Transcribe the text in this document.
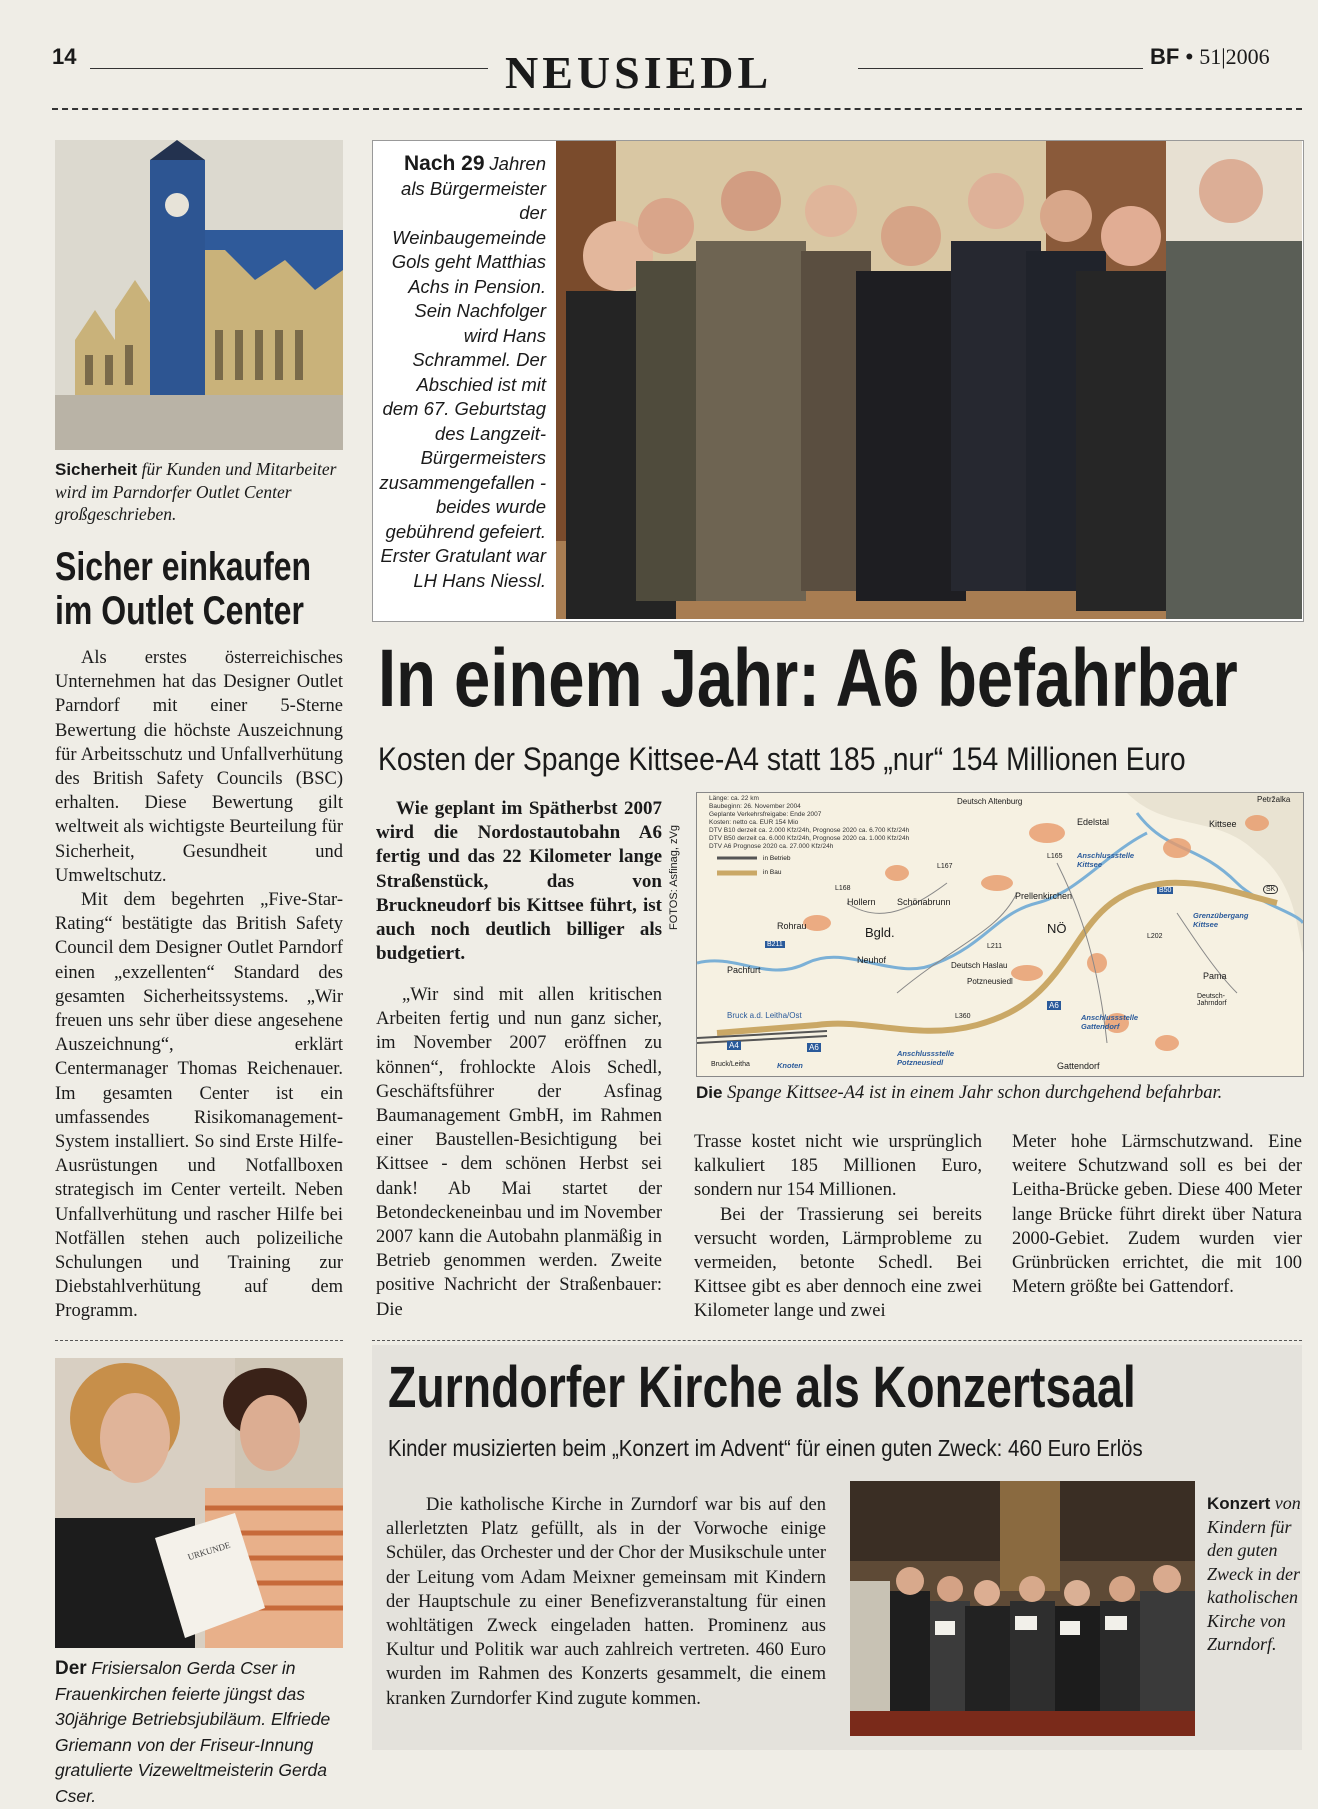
14	NEUSIEDL	BF • 51|2006
Sicherheit für Kunden und Mitarbeiter wird im Parndorfer Outlet Center großgeschrieben.
Sicher einkaufen
im Outlet Center

Als erstes österreichisches Unternehmen hat das Designer Outlet Parndorf mit einer 5-Sterne Bewertung die höchste Auszeichnung für Arbeitsschutz und Unfallverhütung des British Safety Councils (BSC) erhalten. Diese Bewertung gilt weltweit als wichtigste Beurteilung für Sicherheit, Gesundheit und Umweltschutz.

Mit dem begehrten „Five-Star-Rating“ bestätigte das British Safety Council dem Designer Outlet Parndorf einen „exzellenten“ Standard des gesamten Sicherheitssystems. „Wir freuen uns sehr über diese angesehene Auszeichnung“, erklärt Centermanager Thomas Reichenauer. Im gesamten Center ist ein umfassendes Risikomanagement-System installiert. So sind Erste Hilfe-Ausrüstungen und Notfallboxen strategisch im Center verteilt. Neben Unfallverhütung und rascher Hilfe bei Notfällen stehen auch polizeiliche Schulungen und Training zur Diebstahlverhütung auf dem Programm.

Nach 29 Jahren als Bürgermeister der Weinbaugemeinde Gols geht Matthias Achs in Pension. Sein Nachfolger wird Hans Schrammel. Der Abschied ist mit dem 67. Geburtstag des Langzeit-Bürgermeisters zusammengefallen - beides wurde gebührend gefeiert. Erster Gratulant war LH Hans Niessl.
In einem Jahr: A6 befahrbar
Kosten der Spange Kittsee-A4 statt 185 „nur“ 154 Millionen Euro
Wie geplant im Spätherbst 2007 wird die Nordostautobahn A6 fertig und das 22 Kilometer lange Straßenstück, das von Bruckneudorf bis Kittsee führt, ist auch noch deutlich billiger als budgetiert.

„Wir sind mit allen kritischen Arbeiten fertig und nun ganz sicher, im November 2007 eröffnen zu können“, frohlockte Alois Schedl, Geschäftsführer der Asfinag Baumanagement GmbH, im Rahmen einer Baustellen-Besichtigung bei Kittsee - dem schönen Herbst sei dank! Ab Mai startet der Betondeckeneinbau und im November 2007 kann die Autobahn planmäßig in Betrieb genommen werden. Zweite positive Nachricht der Straßenbauer: Die

FOTOS: Asfinag, zVg
Länge: ca. 22 km
Baubeginn: 26. November 2004
Geplante Verkehrsfreigabe: Ende 2007
Kosten: netto ca. EUR 154 Mio
DTV B10 derzeit ca. 2.000 Kfz/24h, Prognose 2020 ca. 6.700 Kfz/24h
DTV B50 derzeit ca. 6.000 Kfz/24h, Prognose 2020 ca. 1.000 Kfz/24h
DTV A6 Prognose 2020 ca. 27.000 Kfz/24h
in Betrieb
in Bau
Deutsch Altenburg
Edelstal	Kittsee
Pama
Hollern Schönabrunn
Prellenkirchen
Rohrau	Bgld.	NÖ
Neuhof
Pachfurt	Deutsch Haslau
Potzneusiedl
Gattendorf
Bruck a.d. Leitha/Ost
Bruck/Leitha
Deutsch-Jahrndorf
Petržalka
A4	A6
A6
B211
B50
L165
L168
L167
L211
L202
L360
SK
Anschlussstelle Kittsee
Grenzübergang Kittsee
Anschlussstelle Gattendorf
Anschlussstelle Potzneusiedl
Knoten
Die Spange Kittsee-A4 ist in einem Jahr schon durchgehend befahrbar.

Trasse kostet nicht wie ursprünglich kalkuliert 185 Millionen Euro, sondern nur 154 Millionen.

Bei der Trassierung sei bereits versucht worden, Lärmprobleme zu vermeiden, betonte Schedl. Bei Kittsee gibt es aber dennoch eine zwei Kilometer lange und zwei

Meter hohe Lärmschutzwand. Eine weitere Schutzwand soll es bei der Leitha-Brücke geben. Diese 400 Meter lange Brücke führt direkt über Natura 2000-Gebiet. Zudem wurden vier Grünbrücken errichtet, die mit 100 Metern größte bei Gattendorf.

URKUNDE
Der Frisiersalon Gerda Cser in Frauenkirchen feierte jüngst das 30jährige Betriebsjubiläum. Elfriede Griemann von der Friseur-Innung gratulierte Vizeweltmeisterin Gerda Cser.
Zurndorfer Kirche als Konzertsaal
Kinder musizierten beim „Konzert im Advent“ für einen guten Zweck: 460 Euro Erlös

Die katholische Kirche in Zurndorf war bis auf den allerletzten Platz gefüllt, als in der Vorwoche einige Schüler, das Orchester und der Chor der Musikschule unter der Leitung vom Adam Meixner gemeinsam mit Kindern der Hauptschule zu einer Benefizveranstaltung für einen wohltätigen Zweck eingeladen hatten. Prominenz aus Kultur und Politik war auch zahlreich vertreten. 460 Euro wurden im Rahmen des Konzerts gesammelt, die einem kranken Zurndorfer Kind zugute kommen.

Konzert von Kindern für den guten Zweck in der katholischen Kirche von Zurndorf.
